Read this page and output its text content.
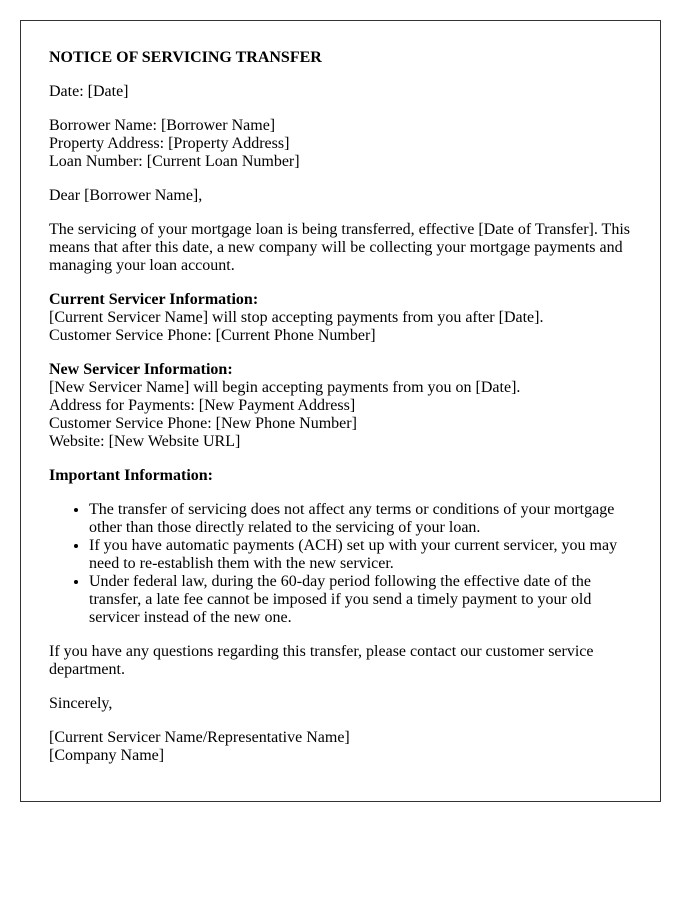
NOTICE OF SERVICING TRANSFER

Date: [Date]

Borrower Name: [Borrower Name]
Property Address: [Property Address]
Loan Number: [Current Loan Number]

Dear [Borrower Name],

The servicing of your mortgage loan is being transferred, effective [Date of Transfer]. This means that after this date, a new company will be collecting your mortgage payments and managing your loan account.

Current Servicer Information:
[Current Servicer Name] will stop accepting payments from you after [Date].
Customer Service Phone: [Current Phone Number]

New Servicer Information:
[New Servicer Name] will begin accepting payments from you on [Date].
Address for Payments: [New Payment Address]
Customer Service Phone: [New Phone Number]
Website: [New Website URL]

Important Information:

• The transfer of servicing does not affect any terms or conditions of your mortgage other than those directly related to the servicing of your loan.
• If you have automatic payments (ACH) set up with your current servicer, you may need to re-establish them with the new servicer.
• Under federal law, during the 60-day period following the effective date of the transfer, a late fee cannot be imposed if you send a timely payment to your old servicer instead of the new one.

If you have any questions regarding this transfer, please contact our customer service department.

Sincerely,

[Current Servicer Name/Representative Name]
[Company Name]
